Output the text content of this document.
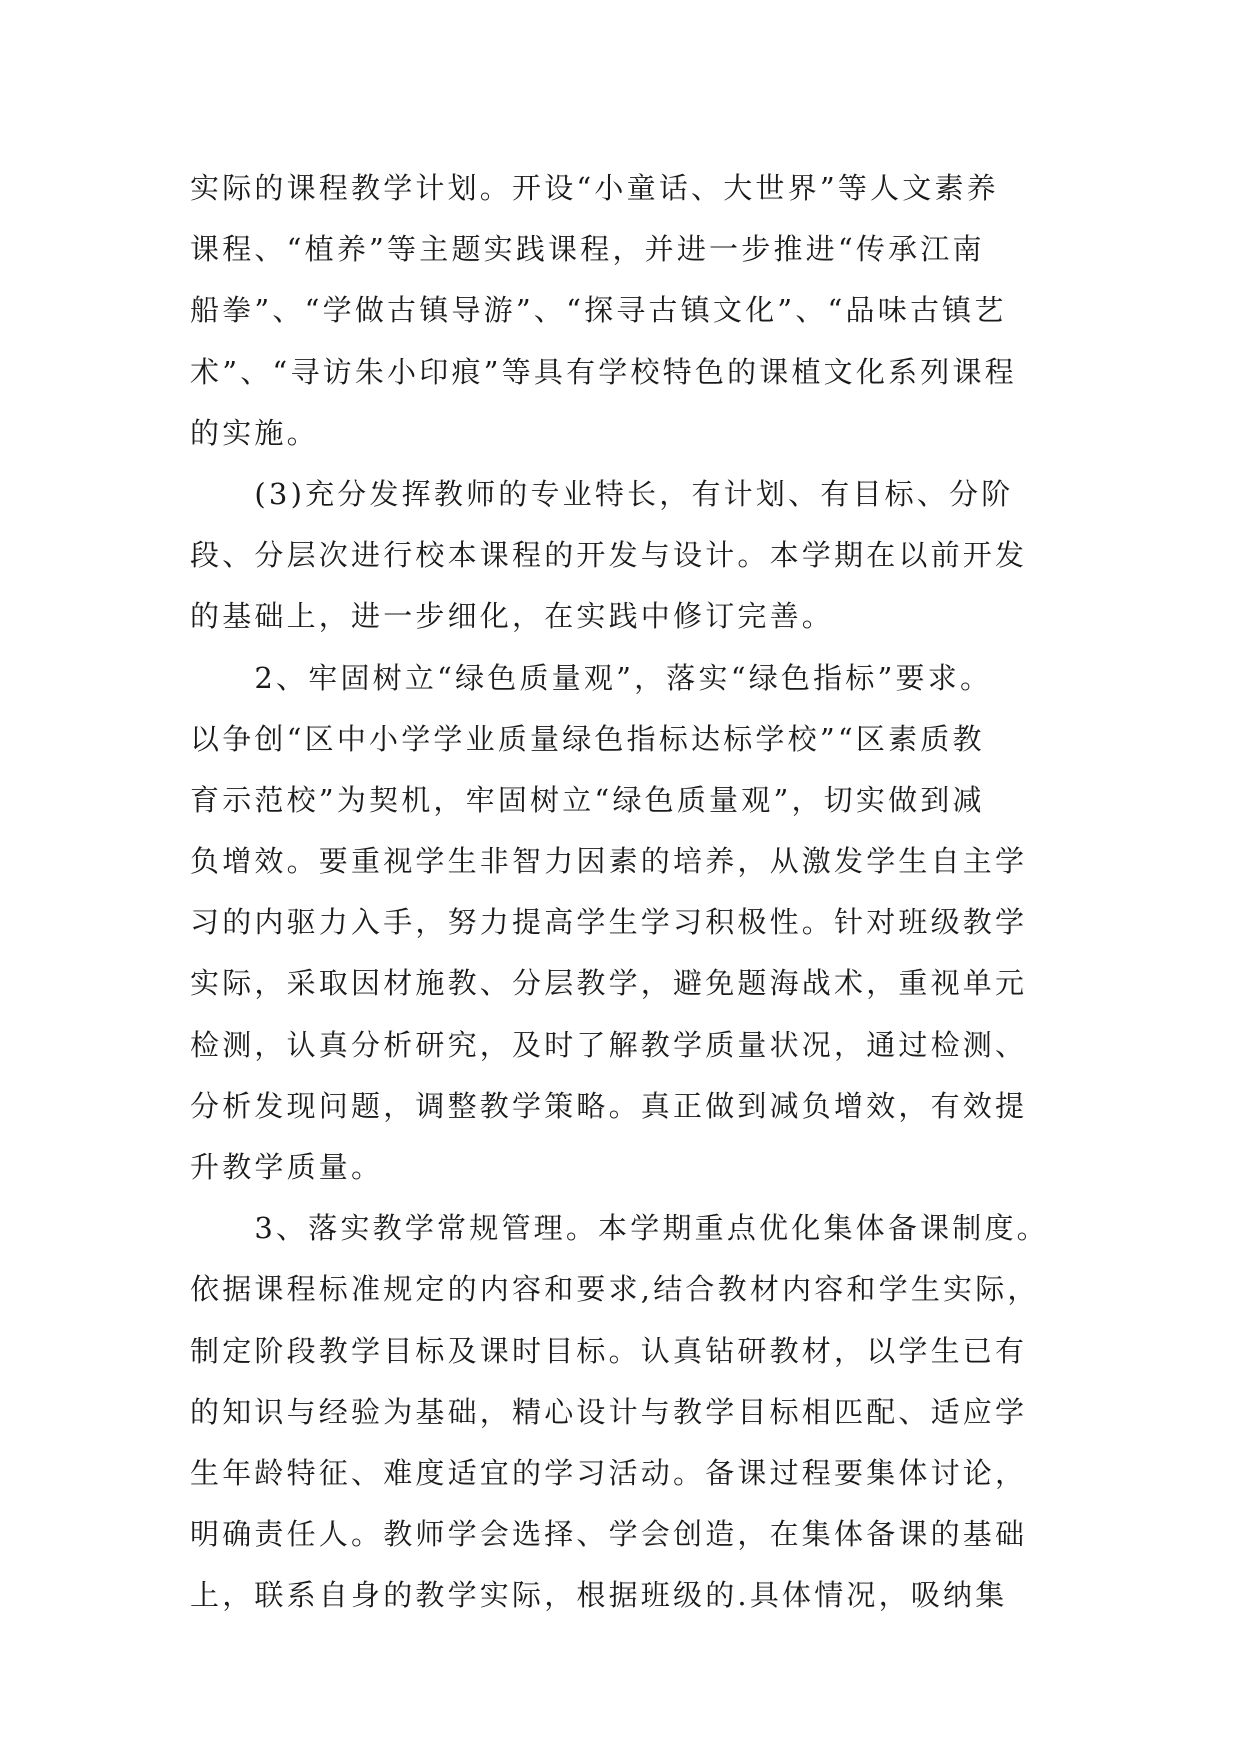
实际的课程教学计划。开设“小童话、大世界”等人文素养
课程、“植养”等主题实践课程，并进一步推进“传承江南
船拳”、“学做古镇导游”、“探寻古镇文化”、“品味古镇艺
术”、“寻访朱小印痕”等具有学校特色的课植文化系列课程
的实施。
　　(3)充分发挥教师的专业特长，有计划、有目标、分阶
段、分层次进行校本课程的开发与设计。本学期在以前开发
的基础上，进一步细化，在实践中修订完善。
　　2、牢固树立“绿色质量观”，落实“绿色指标”要求。
以争创“区中小学学业质量绿色指标达标学校”“区素质教
育示范校”为契机，牢固树立“绿色质量观”，切实做到减
负增效。要重视学生非智力因素的培养，从激发学生自主学
习的内驱力入手，努力提高学生学习积极性。针对班级教学
实际，采取因材施教、分层教学，避免题海战术，重视单元
检测，认真分析研究，及时了解教学质量状况，通过检测、
分析发现问题，调整教学策略。真正做到减负增效，有效提
升教学质量。
　　3、落实教学常规管理。本学期重点优化集体备课制度。
依据课程标准规定的内容和要求,结合教材内容和学生实际，
制定阶段教学目标及课时目标。认真钻研教材，以学生已有
的知识与经验为基础，精心设计与教学目标相匹配、适应学
生年龄特征、难度适宜的学习活动。备课过程要集体讨论，
明确责任人。教师学会选择、学会创造，在集体备课的基础
上，联系自身的教学实际，根据班级的.具体情况，吸纳集
